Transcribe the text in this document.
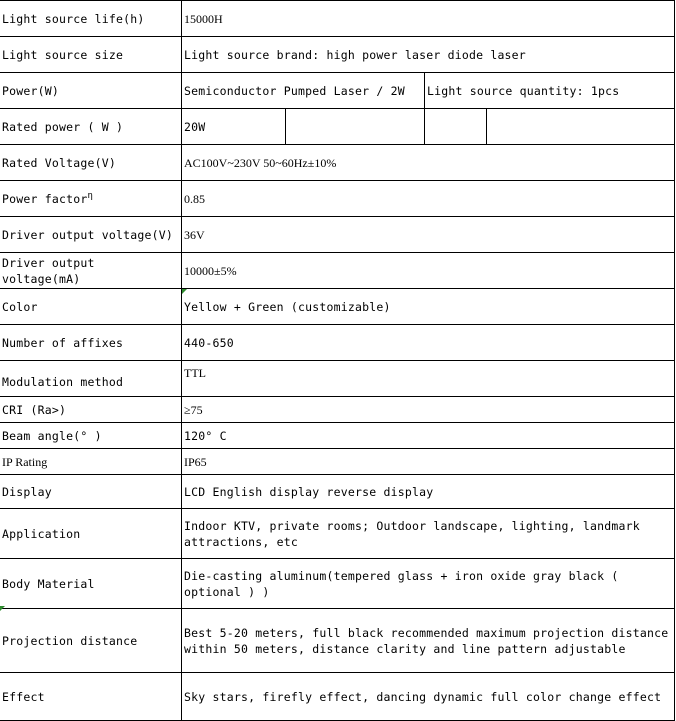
Light source life(h)	15000H			
Light source size	Light source brand: high power laser diode laser			
Power(W)	Semiconductor Pumped Laser / 2W		Light source quantity: 1pcs	
Rated power ( W )	20W			
Rated Voltage(V)	AC100V~230V 50~60Hz±10%			
Power factor$^\eta$	0.85			
Driver output voltage(V)	36V			
Driver output voltage(mA)	10000±5%			
Color	Yellow + Green (customizable)			
Number of affixes	440-650			
Modulation method	TTL			
CRI (Ra>)	≥75			
Beam angle(° )	120° C			
IP Rating	IP65			
Display	LCD English display reverse display			
Application	Indoor KTV, private rooms; Outdoor landscape, lighting, landmark attractions, etc			
Body Material	Die-casting aluminum(tempered glass + iron oxide gray black ( optional ) )			
Projection distance	Best 5-20 meters, full black recommended maximum projection distance within 50 meters, distance clarity and line pattern adjustable			
Effect	Sky stars, firefly effect, dancing dynamic full color change effect			
